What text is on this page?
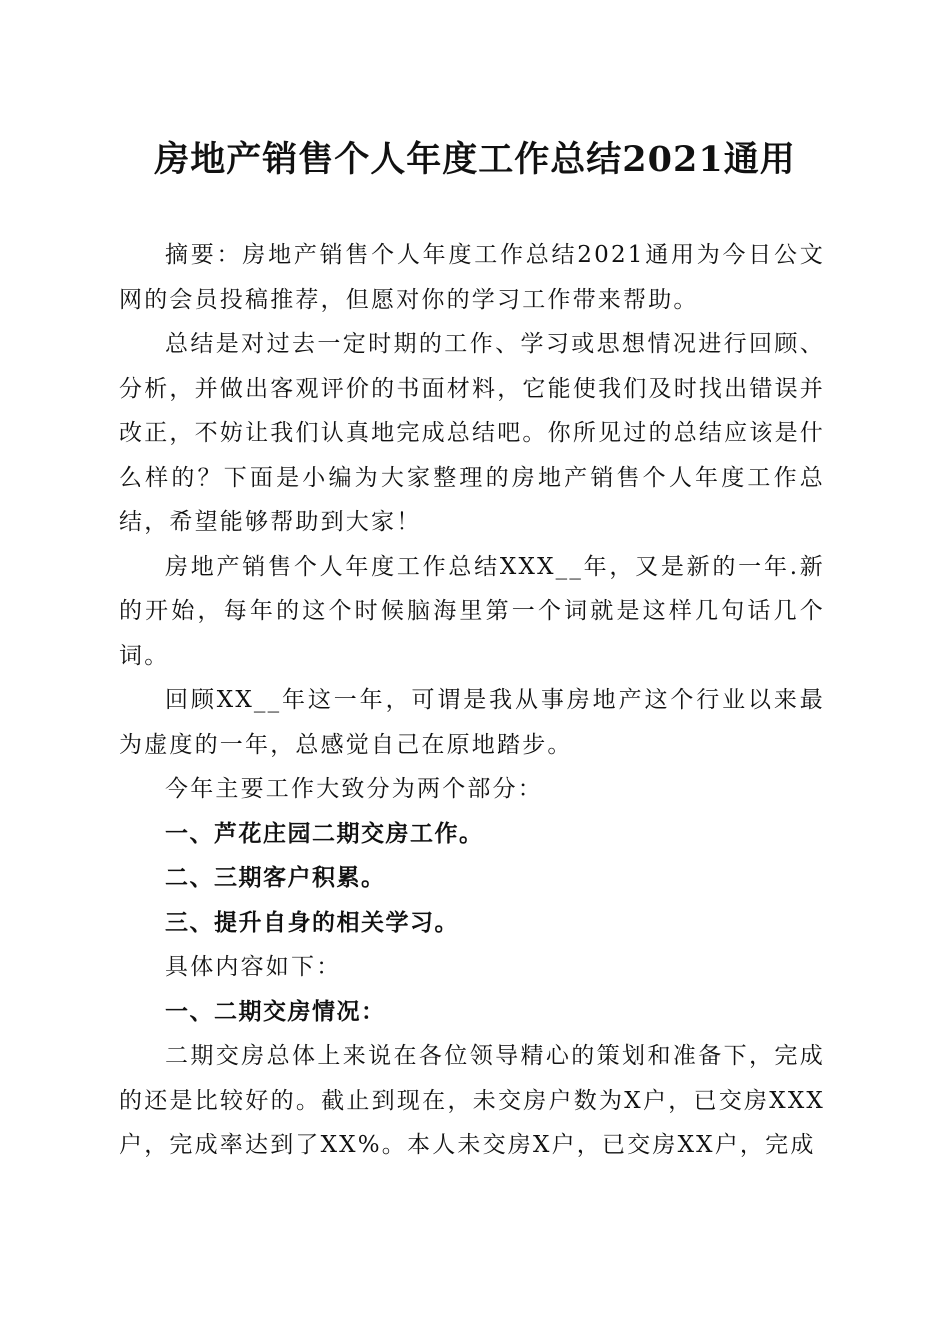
房地产销售个人年度工作总结2021通用

摘要：房地产销售个人年度工作总结2021通用为今日公文网的会员投稿推荐，但愿对你的学习工作带来帮助。

总结是对过去一定时期的工作、学习或思想情况进行回顾、分析，并做出客观评价的书面材料，它能使我们及时找出错误并改正，不妨让我们认真地完成总结吧。你所见过的总结应该是什么样的？下面是小编为大家整理的房地产销售个人年度工作总结，希望能够帮助到大家！

房地产销售个人年度工作总结XXX__年，又是新的一年.新的开始，每年的这个时候脑海里第一个词就是这样几句话几个词。

回顾XX__年这一年，可谓是我从事房地产这个行业以来最为虚度的一年，总感觉自己在原地踏步。

今年主要工作大致分为两个部分：

一、芦花庄园二期交房工作。

二、三期客户积累。

三、提升自身的相关学习。

具体内容如下：

一、二期交房情况：

二期交房总体上来说在各位领导精心的策划和准备下，完成的还是比较好的。截止到现在，未交房户数为X户，已交房XXX户，完成率达到了XX%。本人未交房X户，已交房XX户，完成
